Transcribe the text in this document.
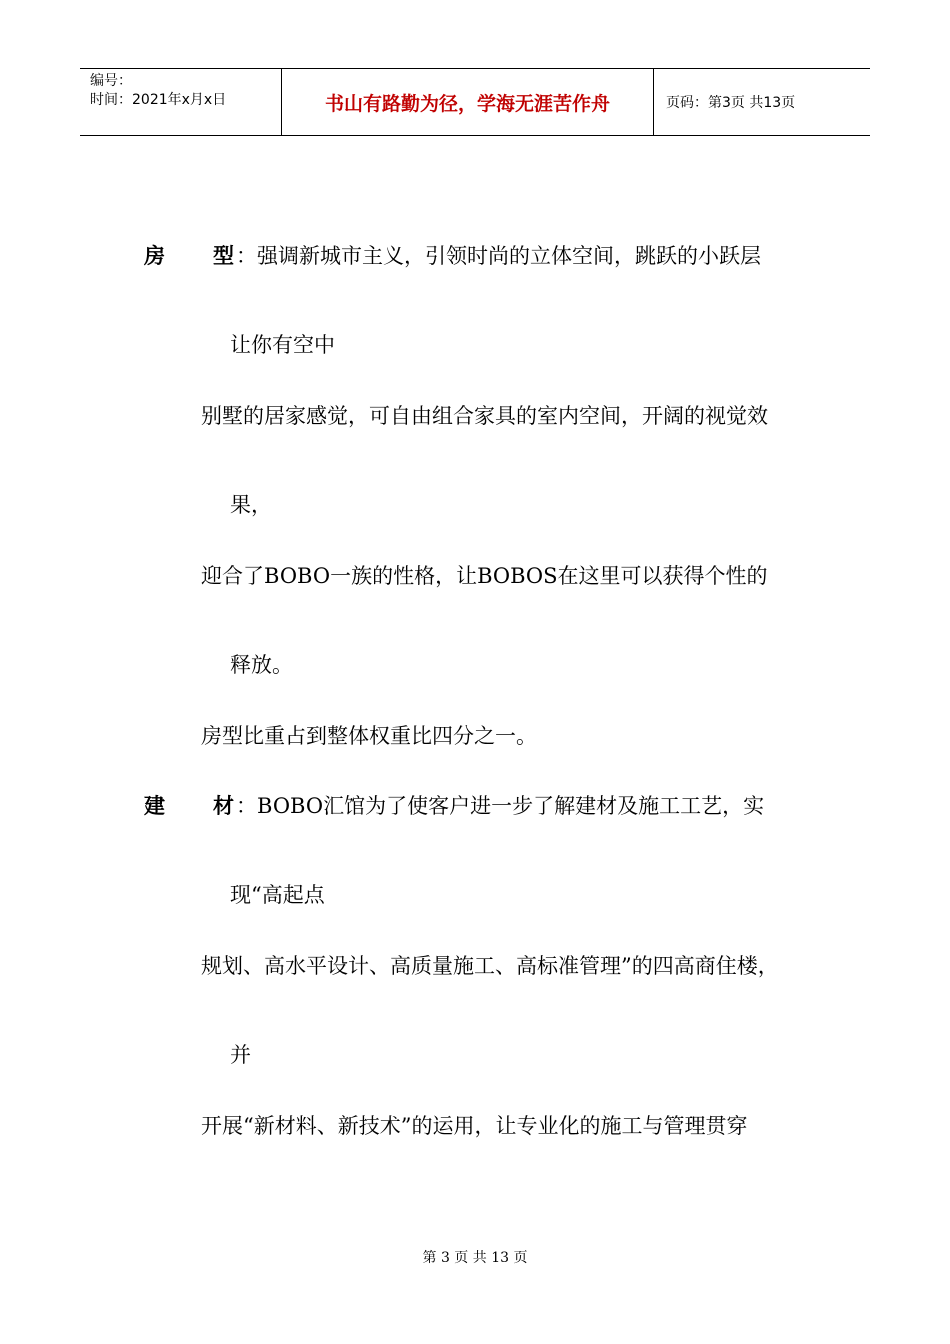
编号：
时间：2021年x月x日	书山有路勤为径，学海无涯苦作舟	页码：第3页 共13页
房 型 ：强调新城市主义，引领时尚的立体空间，跳跃的小跃层
让你有空中
别墅的居家感觉，可自由组合家具的室内空间，开阔的视觉效
果，
迎合了BOBO一族的性格，让BOBOS在这里可以获得个性的
释放。
房型比重占到整体权重比四分之一。
建 材 ：BOBO汇馆为了使客户进一步了解建材及施工工艺，实
现“高起点
规划、高水平设计、高质量施工、高标准管理”的四高商住楼，
并
开展“新材料、新技术”的运用，让专业化的施工与管理贯穿
第 3 页 共 13 页
